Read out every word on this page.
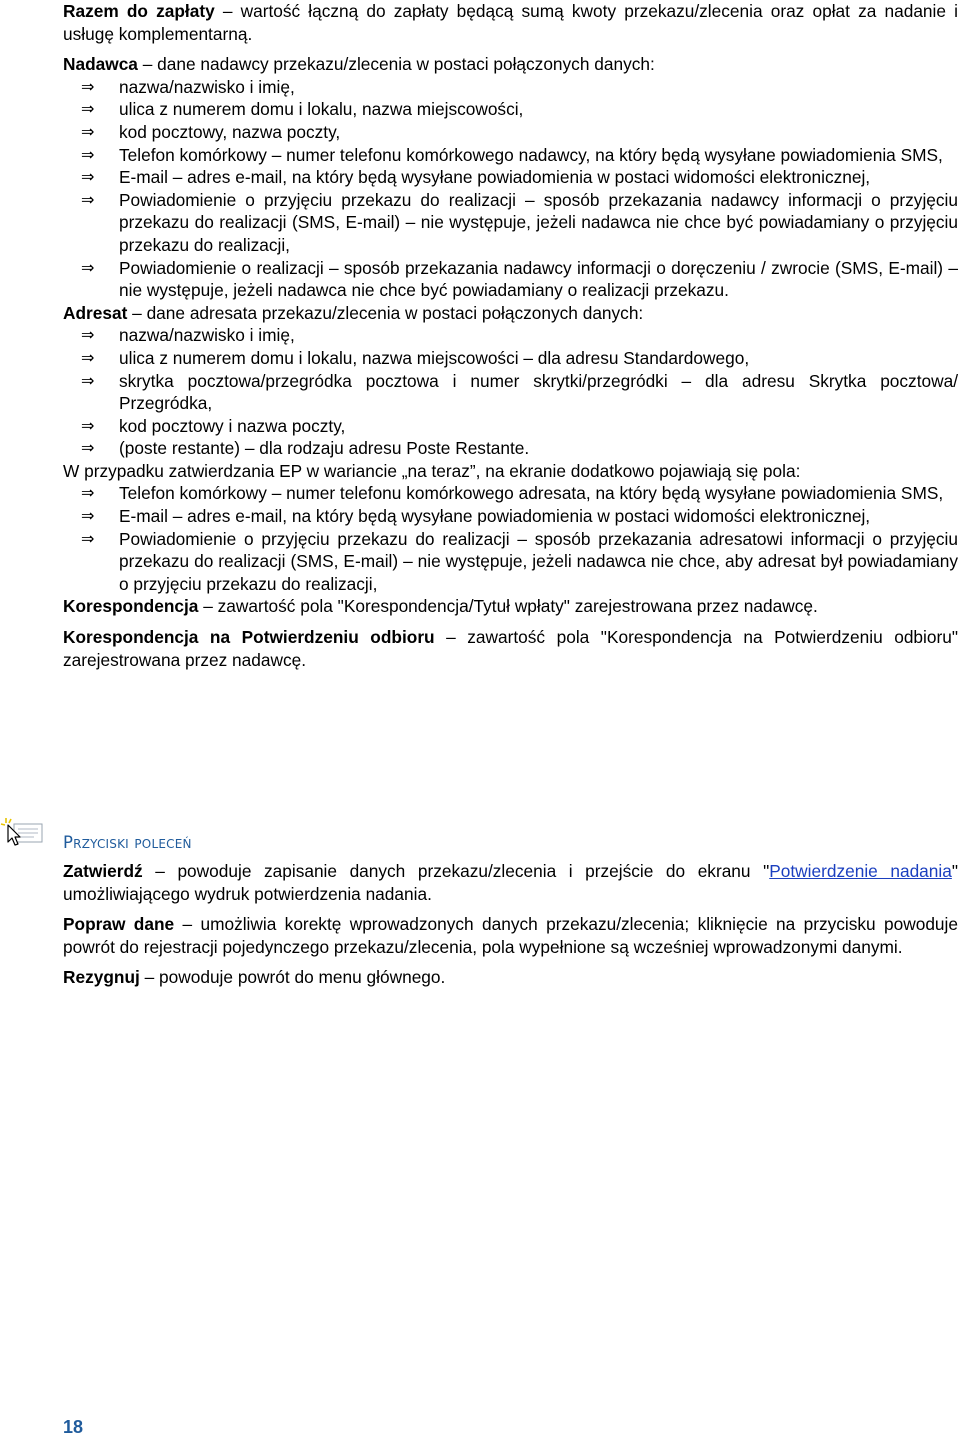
Razem do zapłaty – wartość łączną do zapłaty będącą sumą kwoty przekazu/zlecenia oraz opłat za nadanie i usługę komplementarną.

Nadawca – dane nadawcy przekazu/zlecenia w postaci połączonych danych:

⇒	nazwa/nazwisko i imię,
⇒	ulica z numerem domu i lokalu, nazwa miejscowości,
⇒	kod pocztowy, nazwa poczty,
⇒	Telefon komórkowy – numer telefonu komórkowego nadawcy, na który będą wysyłane powiadomienia SMS,
⇒	E-mail – adres e-mail, na który będą wysyłane powiadomienia w postaci widomości elektronicznej,
⇒	Powiadomienie o przyjęciu przekazu do realizacji – sposób przekazania nadawcy informacji o przyjęciu przekazu do realizacji (SMS, E-mail) – nie występuje, jeżeli nadawca nie chce być powiadamiany o przyjęciu przekazu do realizacji,
⇒	Powiadomienie o realizacji – sposób przekazania nadawcy informacji o doręczeniu / zwrocie (SMS, E-mail) – nie występuje, jeżeli nadawca nie chce być powiadamiany o realizacji przekazu.

Adresat – dane adresata przekazu/zlecenia w postaci połączonych danych:

⇒	nazwa/nazwisko i imię,
⇒	ulica z numerem domu i lokalu, nazwa miejscowości – dla adresu Standardowego,
⇒	skrytka pocztowa/przegródka pocztowa i numer skrytki/przegródki – dla adresu Skrytka pocztowa/ Przegródka,
⇒	kod pocztowy i nazwa poczty,
⇒	(poste restante) – dla rodzaju adresu Poste Restante.

W przypadku zatwierdzania EP w wariancie „na teraz”, na ekranie dodatkowo pojawiają się pola:

⇒	Telefon komórkowy – numer telefonu komórkowego adresata, na który będą wysyłane powiadomienia SMS,
⇒	E-mail – adres e-mail, na który będą wysyłane powiadomienia w postaci widomości elektronicznej,
⇒	Powiadomienie o przyjęciu przekazu do realizacji – sposób przekazania adresatowi informacji o przyjęciu przekazu do realizacji (SMS, E-mail) – nie występuje, jeżeli nadawca nie chce, aby adresat był powiadamiany o przyjęciu przekazu do realizacji,

Korespondencja – zawartość pola "Korespondencja/Tytuł wpłaty" zarejestrowana przez nadawcę.

Korespondencja na Potwierdzeniu odbioru – zawartość pola "Korespondencja na Potwierdzeniu odbioru" zarejestrowana przez nadawcę.

Przyciski poleceń

Zatwierdź – powoduje zapisanie danych przekazu/zlecenia i przejście do ekranu "Potwierdzenie nadania" umożliwiającego wydruk potwierdzenia nadania.

Popraw dane – umożliwia korektę wprowadzonych danych przekazu/zlecenia; kliknięcie na przycisku powoduje powrót do rejestracji pojedynczego przekazu/zlecenia, pola wypełnione są wcześniej wprowadzonymi danymi.

Rezygnuj – powoduje powrót do menu głównego.

18
